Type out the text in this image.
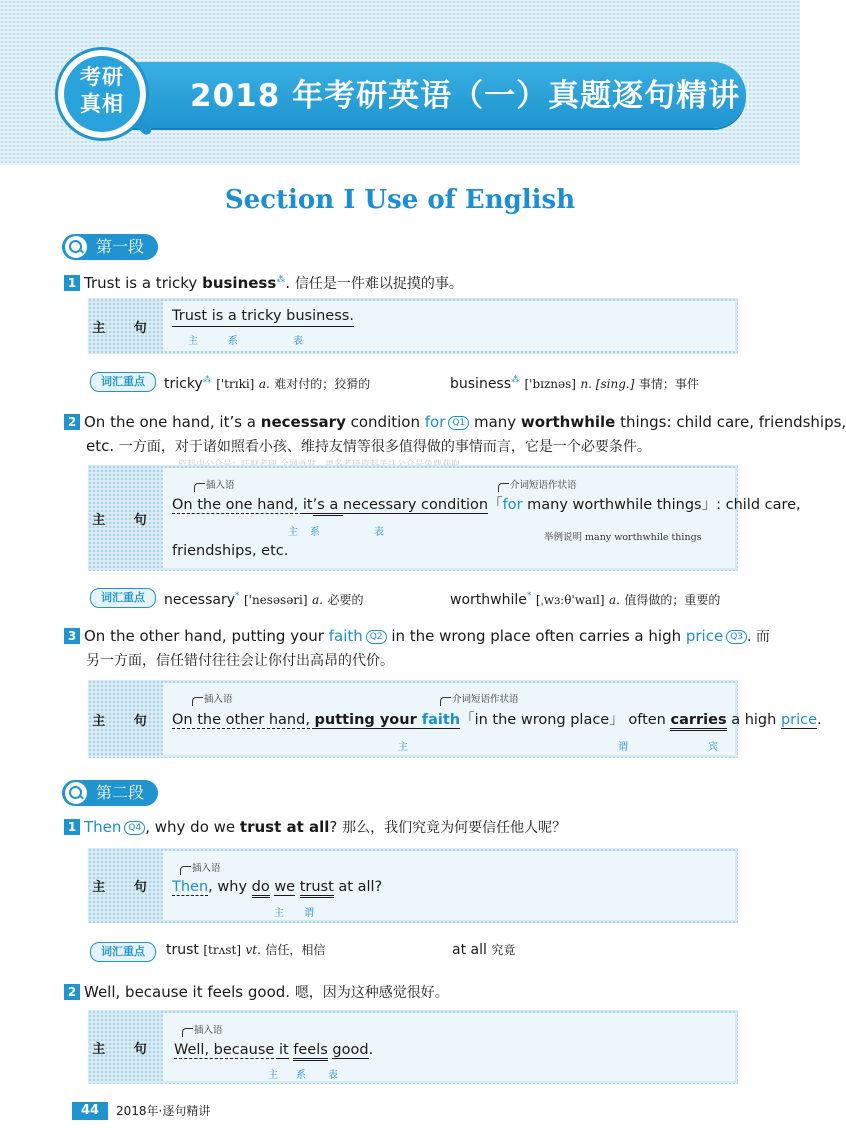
2018 年考研英语（一）真题逐句精讲
考研真相
Section Ⅰ Use of English
第一段
1 Trust is a tricky business⁂. 信任是一件难以捉摸的事。
主 句
Trust is a tricky business.
主	系	表
词汇重点	tricky⁂ ['trɪki] a. 难对付的；狡猾的	business⁂ ['bɪznəs] n. [sing.] 事情；事件
2 On the one hand, it’s a necessary condition for Q1 many worthwhile things: child care, friendships,
etc. 一方面，对于诸如照看小孩、维持友情等很多值得做的事情而言，它是一个必要条件。
主 句
插入语	介词短语作状语
On the one hand, it’s a necessary condition「for many worthwhile things」: child care,
主 系	表	举例说明 many worthwhile things
friendships, etc.
词汇重点	necessary* ['nesəsəri] a. 必要的	worthwhile* [ˌwɜːθ'waɪl] a. 值得做的；重要的
3 On the other hand, putting your faith Q2 in the wrong place often carries a high price Q3 . 而
另一方面，信任错付往往会让你付出高昂的代价。
主 句
插入语	介词短语作状语
On the other hand, putting your faith「in the wrong place」 often carries a high price.
主	谓	宾
第二段
1 Then Q4 , why do we trust at all? 那么，我们究竟为何要信任他人呢？
主 句
插入语
Then, why do we trust at all?
主 谓
词汇重点	trust [trʌst] vt. 信任，相信	at all 究竟
2 Well, because it feels good. 嗯，因为这种感觉很好。
主 句
插入语
Well, because it feels good.
主 系 表
44	2018年·逐句精讲
